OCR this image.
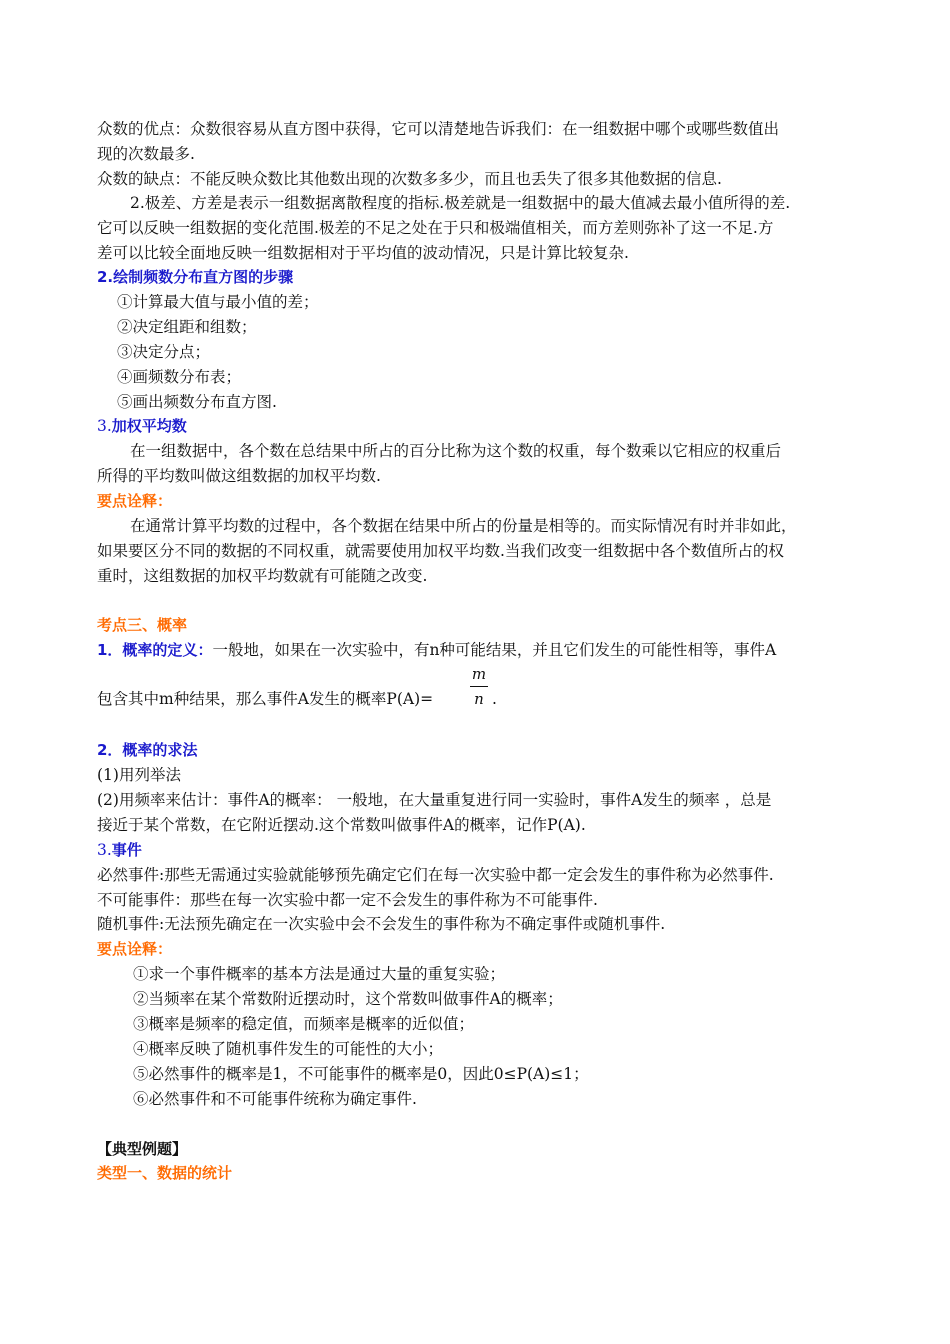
众数的优点：众数很容易从直方图中获得，它可以清楚地告诉我们：在一组数据中哪个或哪些数值出
现的次数最多.
众数的缺点：不能反映众数比其他数出现的次数多多少，而且也丢失了很多其他数据的信息.
2.极差、方差是表示一组数据离散程度的指标.极差就是一组数据中的最大值减去最小值所得的差.
它可以反映一组数据的变化范围.极差的不足之处在于只和极端值相关，而方差则弥补了这一不足.方
差可以比较全面地反映一组数据相对于平均值的波动情况，只是计算比较复杂.
2.绘制频数分布直方图的步骤
①计算最大值与最小值的差；
②决定组距和组数；
③决定分点；
④画频数分布表；
⑤画出频数分布直方图.
3.加权平均数
在一组数据中，各个数在总结果中所占的百分比称为这个数的权重，每个数乘以它相应的权重后
所得的平均数叫做这组数据的加权平均数.
要点诠释：
在通常计算平均数的过程中，各个数据在结果中所占的份量是相等的。而实际情况有时并非如此，
如果要区分不同的数据的不同权重，就需要使用加权平均数.当我们改变一组数据中各个数值所占的权
重时，这组数据的加权平均数就有可能随之改变.
考点三、概率
1．概率的定义：一般地，如果在一次实验中，有n种可能结果，并且它们发生的可能性相等，事件A
包含其中m种结果，那么事件A发生的概率P(A)=
m
n .
2．概率的求法
(1)用列举法
(2)用频率来估计：事件A的概率： 一般地，在大量重复进行同一实验时，事件A发生的频率 ，总是
接近于某个常数，在它附近摆动.这个常数叫做事件A的概率，记作P(A).
3.事件
必然事件:那些无需通过实验就能够预先确定它们在每一次实验中都一定会发生的事件称为必然事件.
不可能事件：那些在每一次实验中都一定不会发生的事件称为不可能事件.
随机事件:无法预先确定在一次实验中会不会发生的事件称为不确定事件或随机事件.
要点诠释：
①求一个事件概率的基本方法是通过大量的重复实验；
②当频率在某个常数附近摆动时，这个常数叫做事件A的概率；
③概率是频率的稳定值，而频率是概率的近似值；
④概率反映了随机事件发生的可能性的大小；
⑤必然事件的概率是1，不可能事件的概率是0，因此0≤P(A)≤1；
⑥必然事件和不可能事件统称为确定事件.
【典型例题】
类型一、数据的统计
